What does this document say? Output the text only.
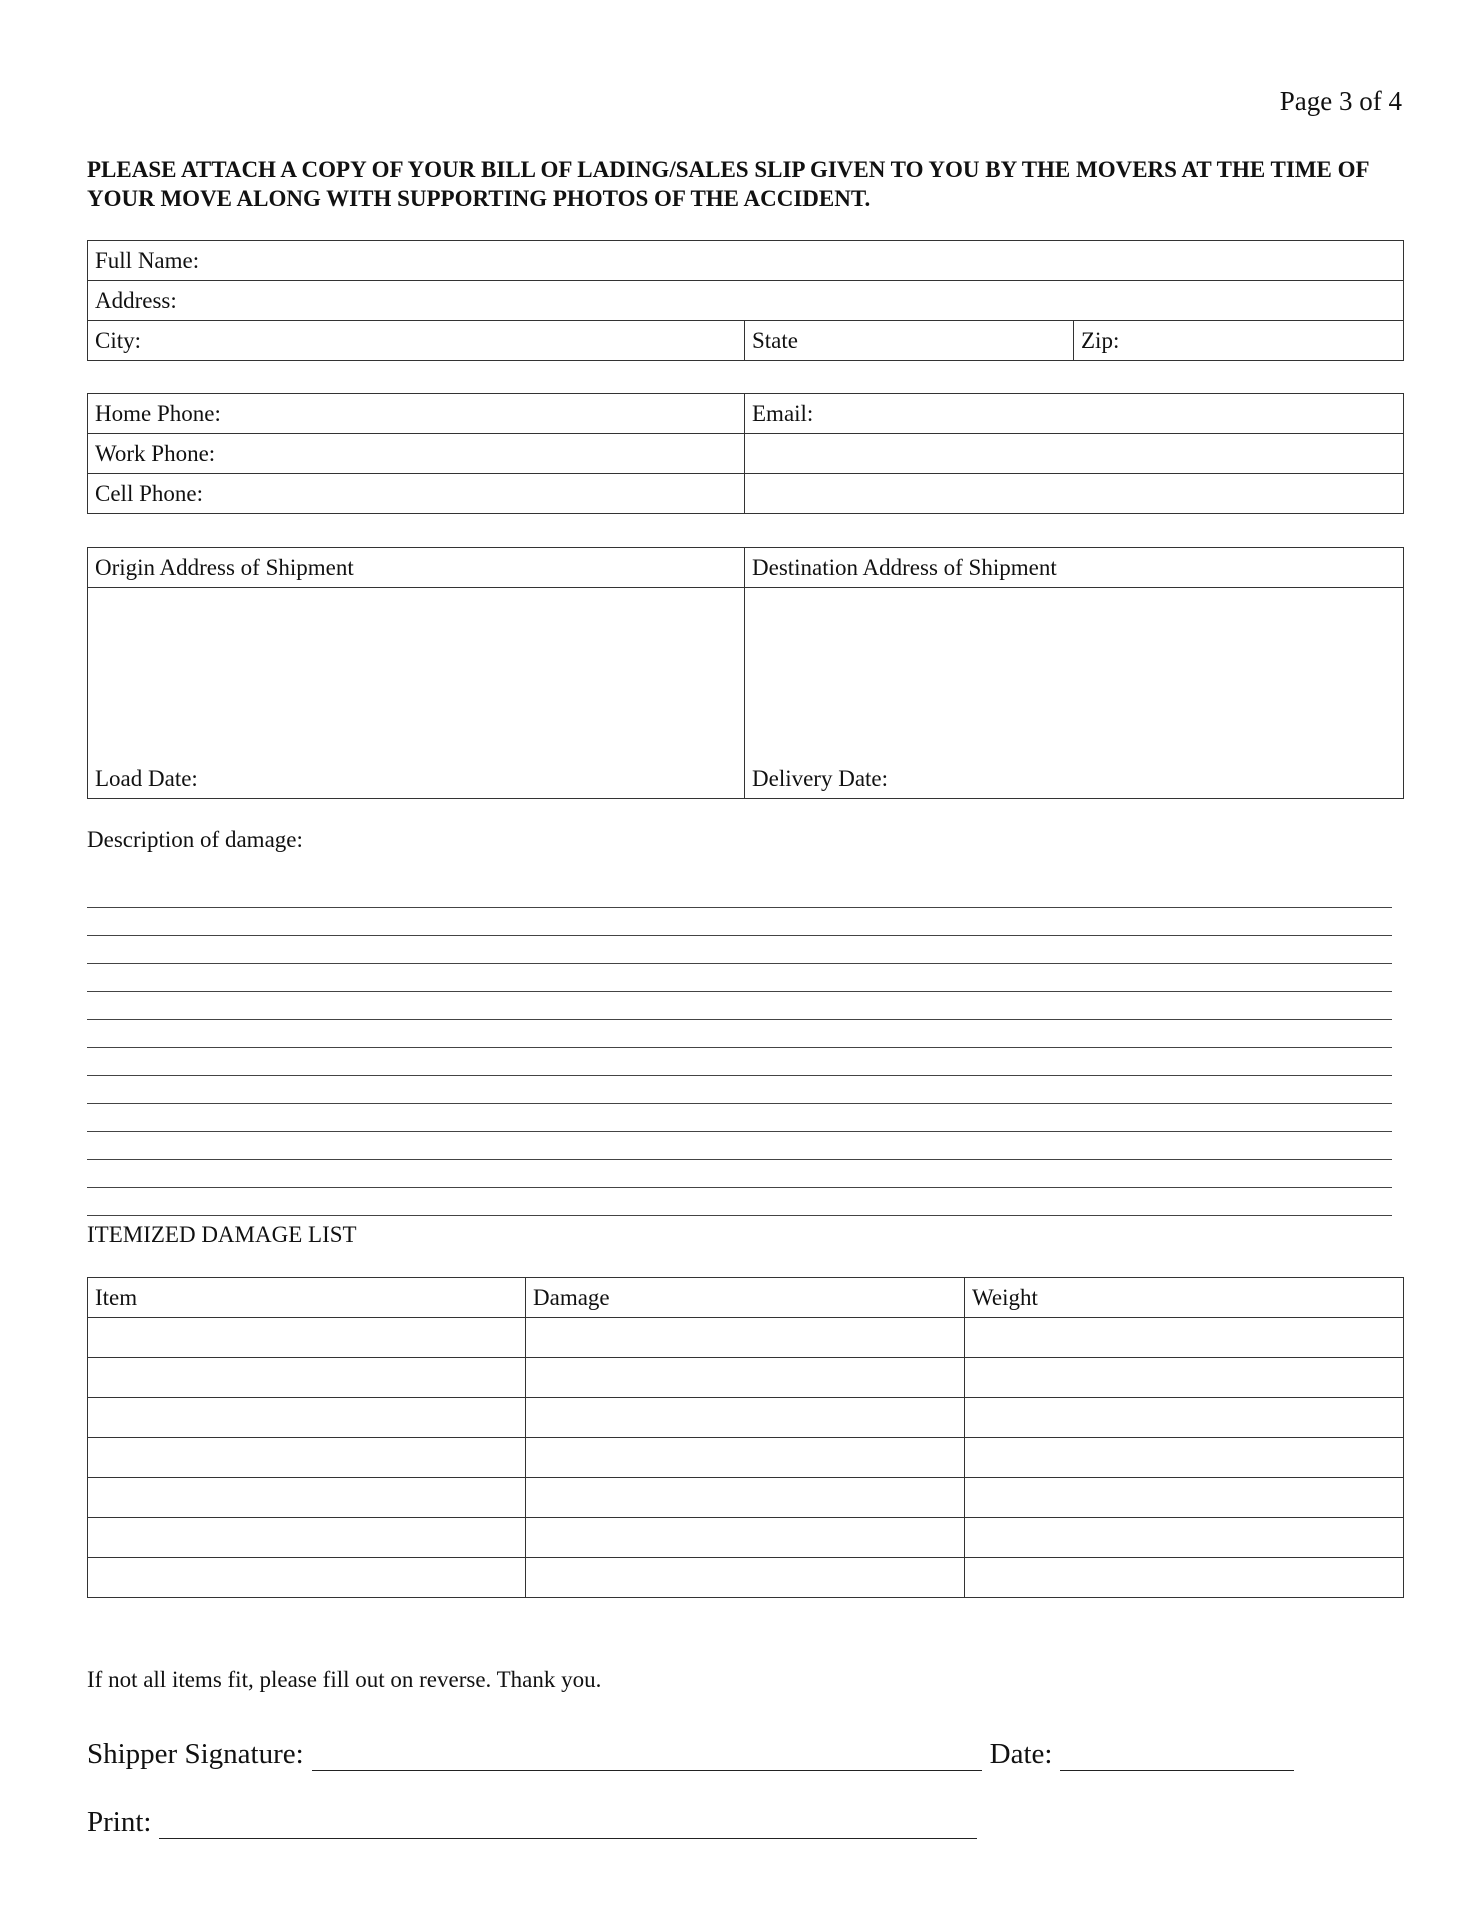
Page 3 of 4
PLEASE ATTACH A COPY OF YOUR BILL OF LADING/SALES SLIP GIVEN TO YOU BY THE MOVERS AT THE TIME OF YOUR MOVE ALONG WITH SUPPORTING PHOTOS OF THE ACCIDENT.
Full Name:
Address:
City:	State	Zip:
Home Phone:	Email:
Work Phone:	
Cell Phone:	
Origin Address of Shipment	Destination Address of Shipment
Load Date:	Delivery Date:
Description of damage:
ITEMIZED DAMAGE LIST
Item	Damage	Weight

If not all items fit, please fill out on reverse. Thank you.
Shipper Signature:	Date:
Print:
